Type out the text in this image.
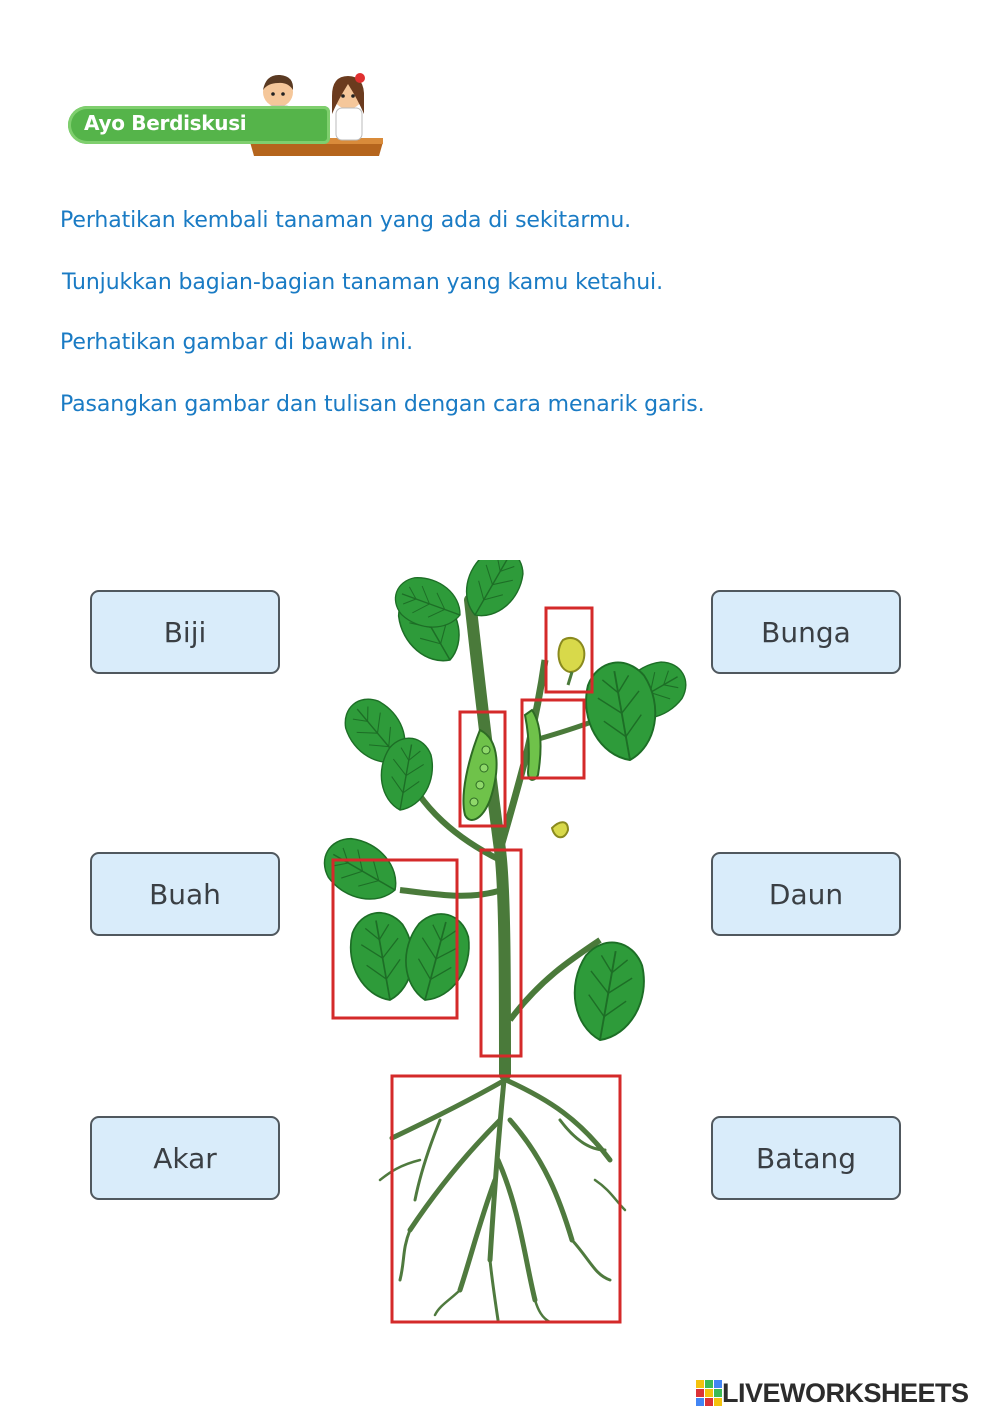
Ayo Berdiskusi
Perhatikan kembali tanaman yang ada di sekitarmu.
Tunjukkan bagian-bagian tanaman yang kamu ketahui.
Perhatikan gambar di bawah ini.
Pasangkan gambar dan tulisan dengan cara menarik garis.
Biji
Buah
Akar
Bunga
Daun
Batang
LIVEWORKSHEETS
